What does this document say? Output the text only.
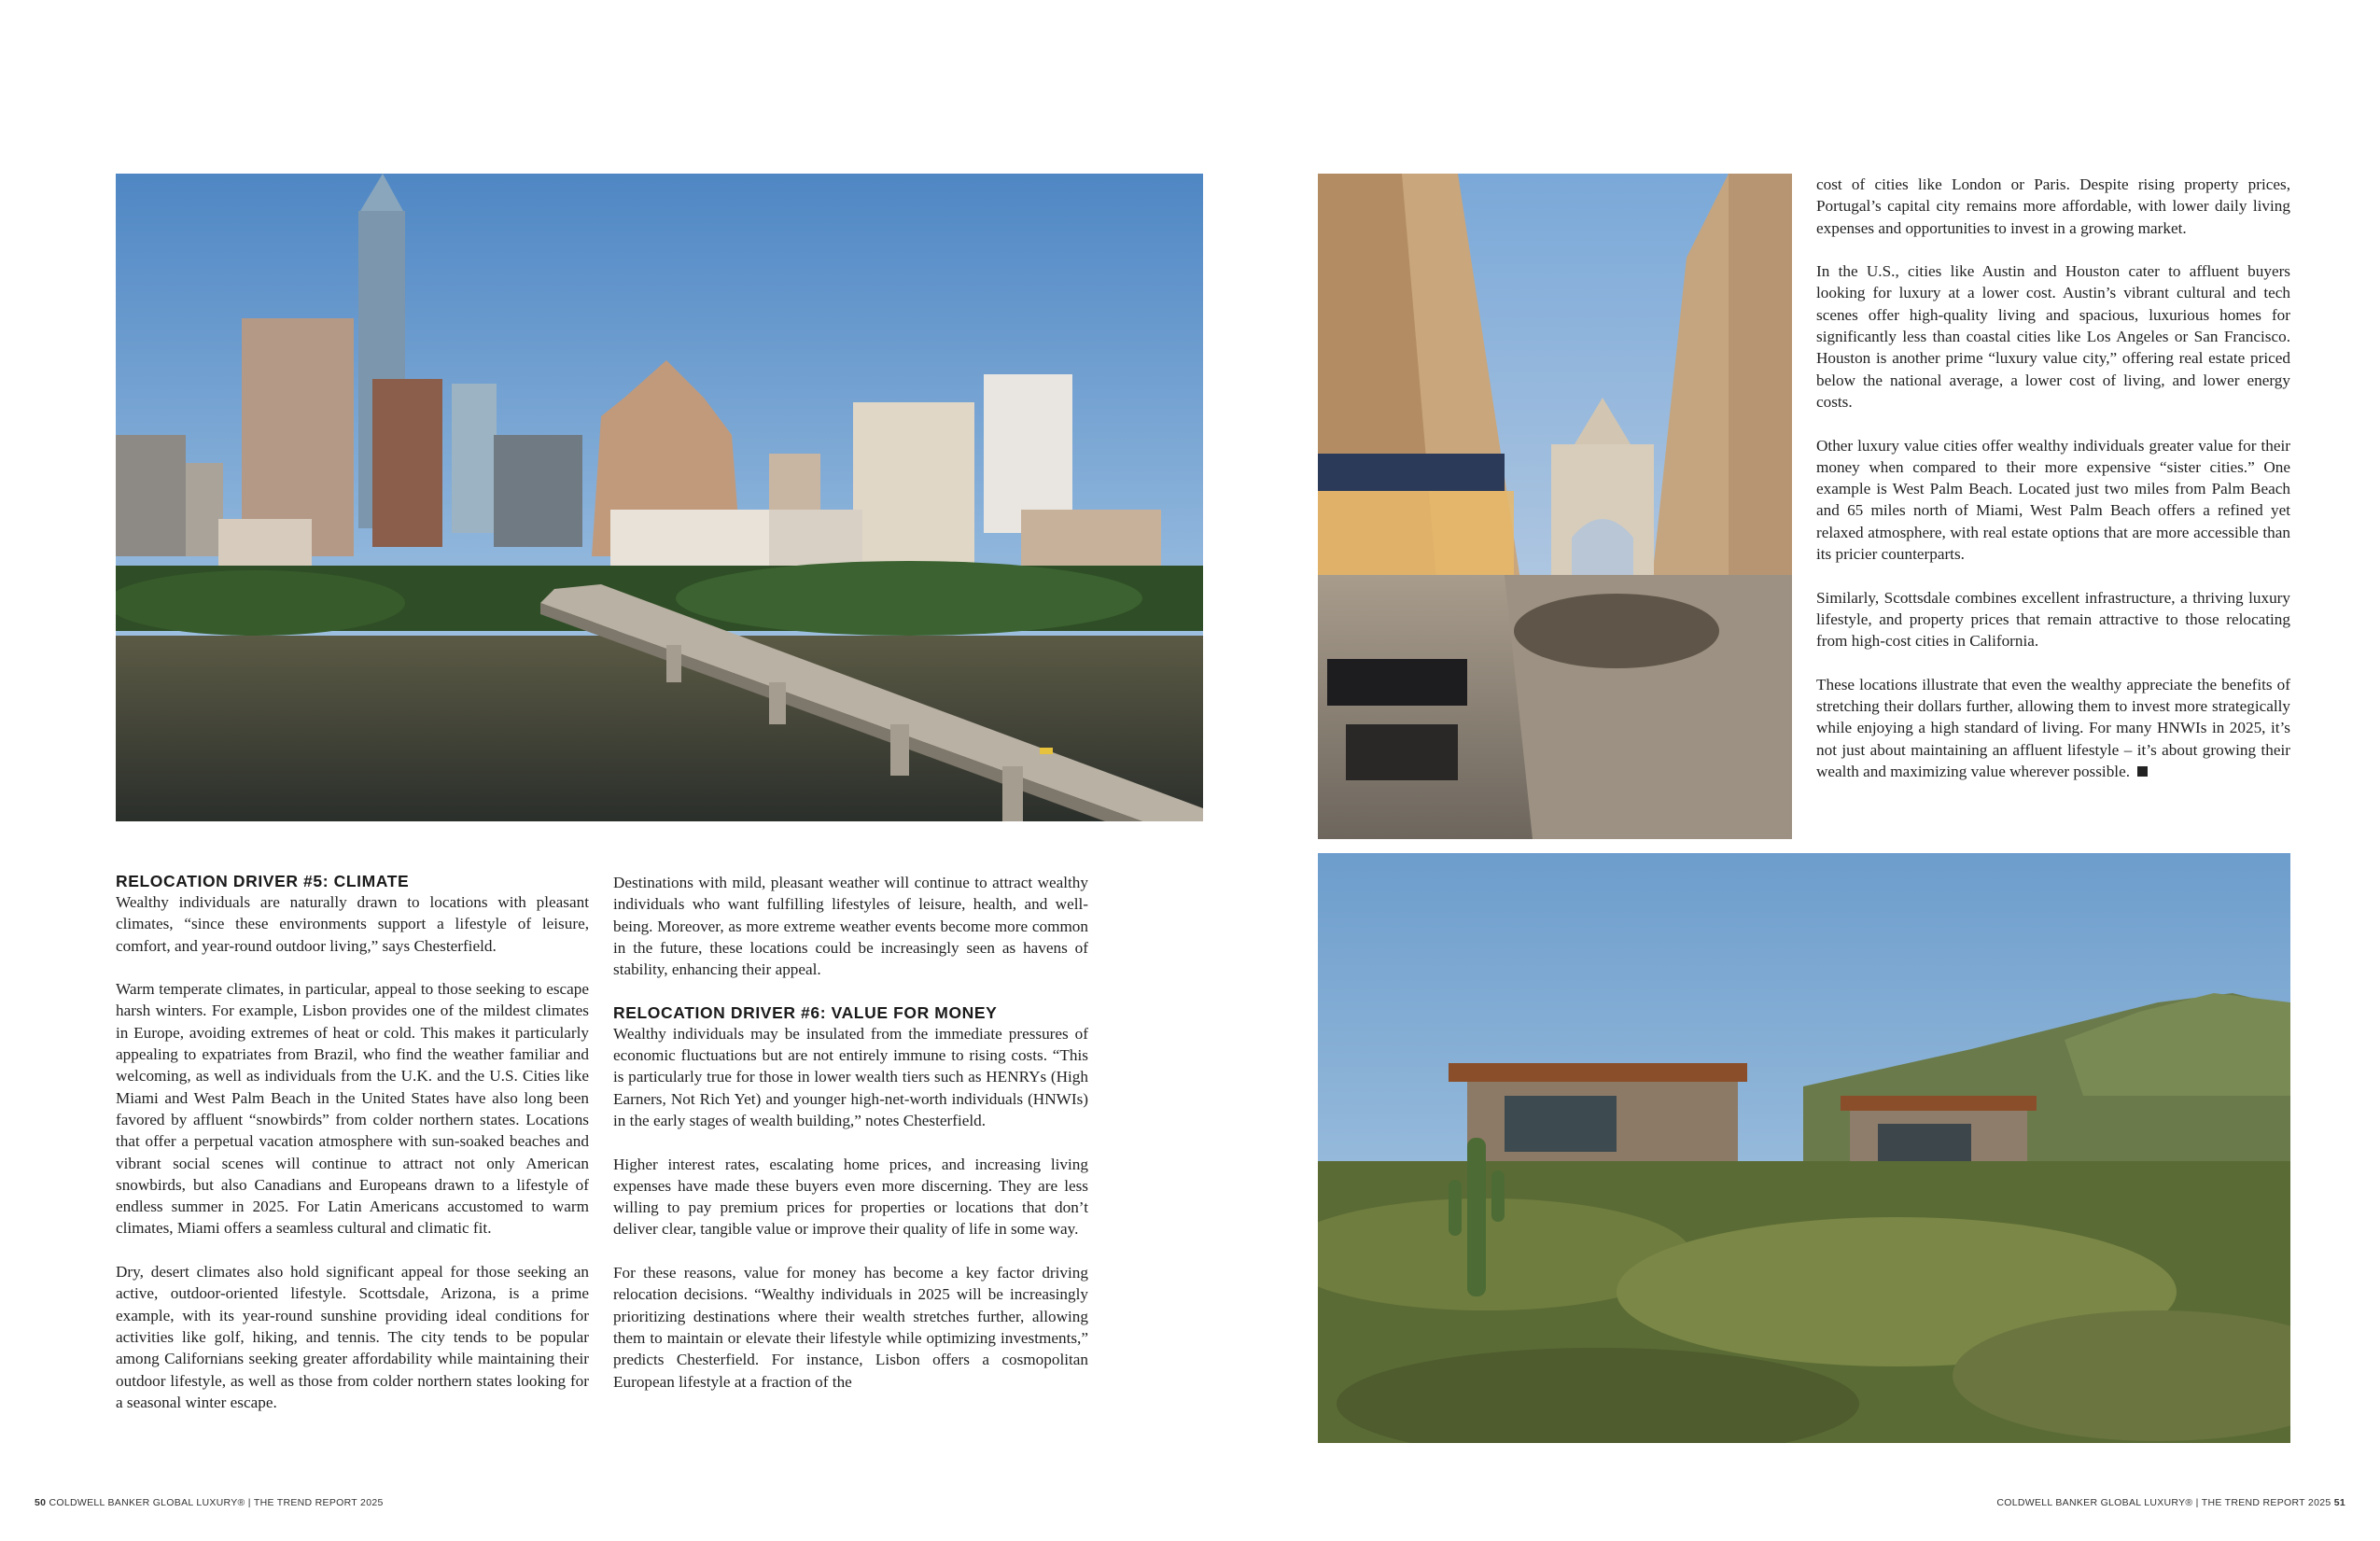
RELOCATION DRIVER #5: CLIMATE

Wealthy individuals are naturally drawn to locations with pleasant climates, “since these environments support a lifestyle of leisure, comfort, and year-round outdoor living,” says Chesterfield.

Warm temperate climates, in particular, appeal to those seeking to escape harsh winters. For example, Lisbon provides one of the mildest climates in Europe, avoiding extremes of heat or cold. This makes it particularly appealing to expatriates from Brazil, who find the weather familiar and welcoming, as well as individuals from the U.K. and the U.S. Cities like Miami and West Palm Beach in the United States have also long been favored by affluent “snowbirds” from colder northern states. Locations that offer a perpetual vacation atmosphere with sun-soaked beaches and vibrant social scenes will continue to attract not only American snowbirds, but also Canadians and Europeans drawn to a lifestyle of endless summer in 2025. For Latin Americans accustomed to warm climates, Miami offers a seamless cultural and climatic fit.

Dry, desert climates also hold significant appeal for those seeking an active, outdoor-oriented lifestyle. Scottsdale, Arizona, is a prime example, with its year-round sunshine providing ideal conditions for activities like golf, hiking, and tennis. The city tends to be popular among Californians seeking greater affordability while maintaining their outdoor lifestyle, as well as those from colder northern states looking for a seasonal winter escape.

Destinations with mild, pleasant weather will continue to attract wealthy individuals who want fulfilling lifestyles of leisure, health, and well-being. Moreover, as more extreme weather events become more common in the future, these locations could be increasingly seen as havens of stability, enhancing their appeal.

RELOCATION DRIVER #6: VALUE FOR MONEY

Wealthy individuals may be insulated from the immediate pressures of economic fluctuations but are not entirely immune to rising costs. “This is particularly true for those in lower wealth tiers such as HENRYs (High Earners, Not Rich Yet) and younger high-net-worth individuals (HNWIs) in the early stages of wealth building,” notes Chesterfield.

Higher interest rates, escalating home prices, and increasing living expenses have made these buyers even more discerning. They are less willing to pay premium prices for properties or locations that don’t deliver clear, tangible value or improve their quality of life in some way.

For these reasons, value for money has become a key factor driving relocation decisions. “Wealthy individuals in 2025 will be increasingly prioritizing destinations where their wealth stretches further, allowing them to maintain or elevate their lifestyle while optimizing investments,” predicts Chesterfield. For instance, Lisbon offers a cosmopolitan European lifestyle at a fraction of the

cost of cities like London or Paris. Despite rising property prices, Portugal’s capital city remains more affordable, with lower daily living expenses and opportunities to invest in a growing market.

In the U.S., cities like Austin and Houston cater to affluent buyers looking for luxury at a lower cost. Austin’s vibrant cultural and tech scenes offer high-quality living and spacious, luxurious homes for significantly less than coastal cities like Los Angeles or San Francisco. Houston is another prime “luxury value city,” offering real estate priced below the national average, a lower cost of living, and lower energy costs.

Other luxury value cities offer wealthy individuals greater value for their money when compared to their more expensive “sister cities.” One example is West Palm Beach. Located just two miles from Palm Beach and 65 miles north of Miami, West Palm Beach offers a refined yet relaxed atmosphere, with real estate options that are more accessible than its pricier counterparts.

Similarly, Scottsdale combines excellent infrastructure, a thriving luxury lifestyle, and property prices that remain attractive to those relocating from high-cost cities in California.

These locations illustrate that even the wealthy appreciate the benefits of stretching their dollars further, allowing them to invest more strategically while enjoying a high standard of living. For many HNWIs in 2025, it’s not just about maintaining an affluent lifestyle – it’s about growing their wealth and maximizing value wherever possible.

50 COLDWELL BANKER GLOBAL LUXURY® | THE TREND REPORT 2025	COLDWELL BANKER GLOBAL LUXURY® | THE TREND REPORT 2025 51
